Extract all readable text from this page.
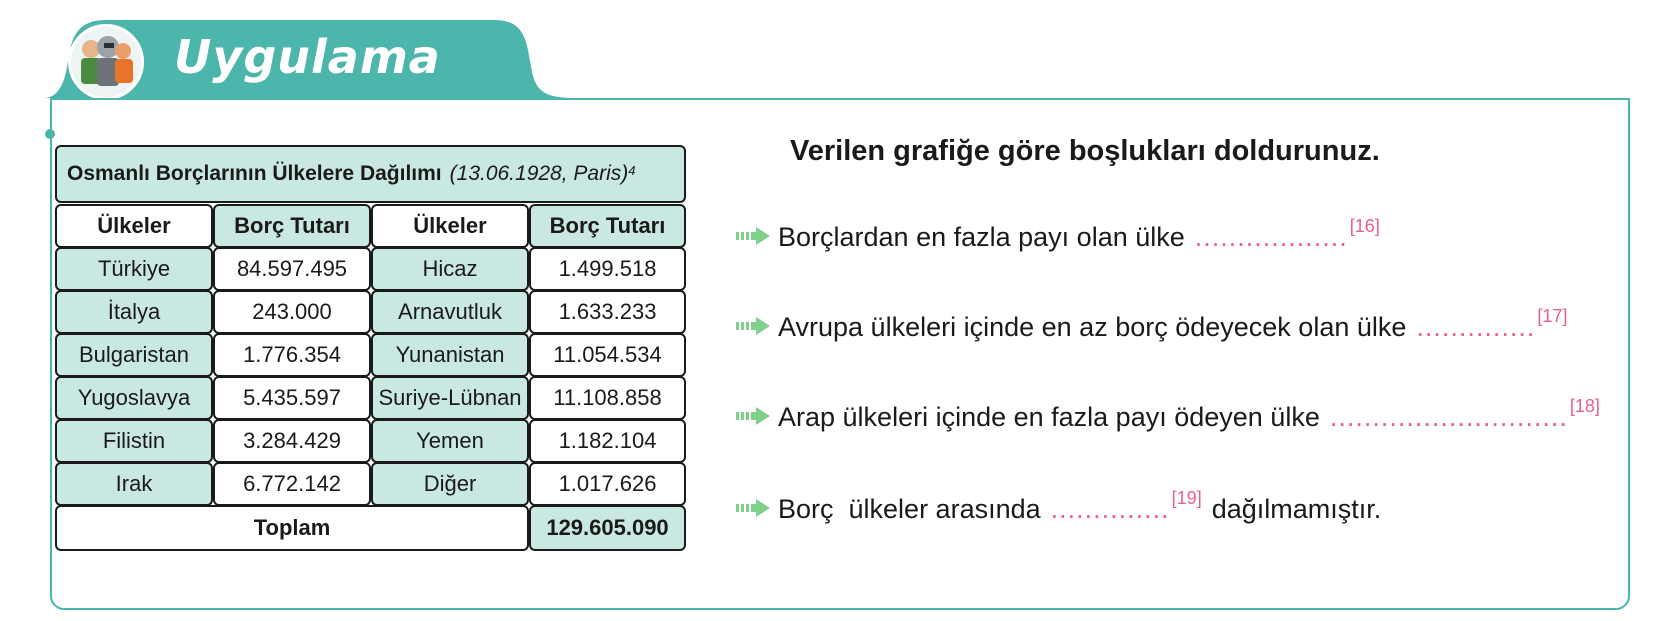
Uygulama
Osmanlı Borçlarının Ülkelere Dağılımı (13.06.1928, Paris)$^4$
Ülkeler	Borç Tutarı	Ülkeler	Borç Tutarı
Türkiye	84.597.495	Hicaz	1.499.518
İtalya	243.000	Arnavutluk	1.633.233
Bulgaristan	1.776.354	Yunanistan	11.054.534
Yugoslavya	5.435.597	Suriye-Lübnan	11.108.858
Filistin	3.284.429	Yemen	1.182.104
Irak	6.772.142	Diğer	1.017.626
Toplam	129.605.090
Verilen grafiğe göre boşlukları doldurunuz.
Borçlardan en fazla payı olan ülke .................. [16]
Avrupa ülkeleri içinde en az borç ödeyecek olan ülke .............. [17]
Arap ülkeleri içinde en fazla payı ödeyen ülke ............................ [18]
Borç  ülkeler arasında .............. [19] dağılmamıştır.
